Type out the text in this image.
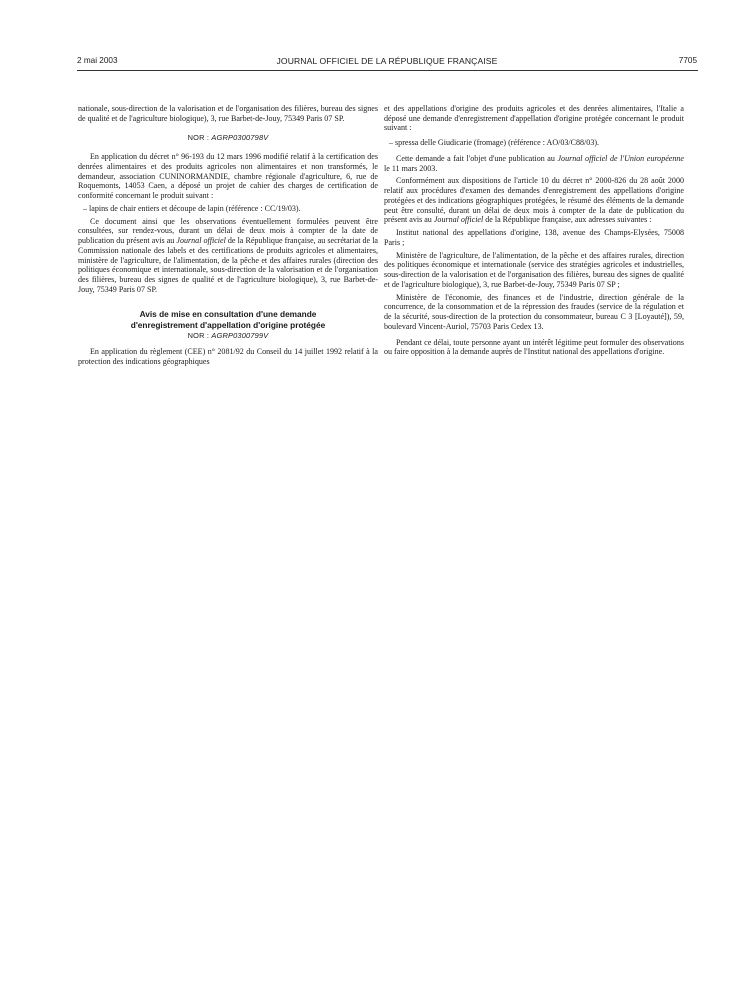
2 mai 2003	JOURNAL OFFICIEL DE LA RÉPUBLIQUE FRANÇAISE	7705

nationale, sous-direction de la valorisation et de l'organisation des filières, bureau des signes de qualité et de l'agriculture biologique), 3, rue Barbet-de-Jouy, 75349 Paris 07 SP.

NOR : AGRP0300798V

En application du décret n° 96-193 du 12 mars 1996 modifié relatif à la certification des denrées alimentaires et des produits agricoles non alimentaires et non transformés, le demandeur, association CUNINORMANDIE, chambre régionale d'agriculture, 6, rue de Roquemonts, 14053 Caen, a déposé un projet de cahier des charges de certification de conformité concernant le produit suivant :

– lapins de chair entiers et découpe de lapin (référence : CC/19/03).

Ce document ainsi que les observations éventuellement formulées peuvent être consultées, sur rendez-vous, durant un délai de deux mois à compter de la date de publication du présent avis au Journal officiel de la République française, au secrétariat de la Commission nationale des labels et des certifications de produits agricoles et alimentaires, ministère de l'agriculture, de l'alimentation, de la pêche et des affaires rurales (direction des politiques économique et internationale, sous-direction de la valorisation et de l'organisation des filières, bureau des signes de qualité et de l'agriculture biologique), 3, rue Barbet-de-Jouy, 75349 Paris 07 SP.

Avis de mise en consultation d'une demande
d'enregistrement d'appellation d'origine protégée
NOR : AGRP0300799V

En application du règlement (CEE) n° 2081/92 du Conseil du 14 juillet 1992 relatif à la protection des indications géographiques

et des appellations d'origine des produits agricoles et des denrées alimentaires, l'Italie a déposé une demande d'enregistrement d'appellation d'origine protégée concernant le produit suivant :

– spressa delle Giudicarie (fromage) (référence : AO/03/C88/03).

Cette demande a fait l'objet d'une publication au Journal officiel de l'Union européenne le 11 mars 2003.

Conformément aux dispositions de l'article 10 du décret n° 2000-826 du 28 août 2000 relatif aux procédures d'examen des demandes d'enregistrement des appellations d'origine protégées et des indications géographiques protégées, le résumé des éléments de la demande peut être consulté, durant un délai de deux mois à compter de la date de publication du présent avis au Journal officiel de la République française, aux adresses suivantes :

Institut national des appellations d'origine, 138, avenue des Champs-Elysées, 75008 Paris ;

Ministère de l'agriculture, de l'alimentation, de la pêche et des affaires rurales, direction des politiques économique et internationale (service des stratégies agricoles et industrielles, sous-direction de la valorisation et de l'organisation des filières, bureau des signes de qualité et de l'agriculture biologique), 3, rue Barbet-de-Jouy, 75349 Paris 07 SP ;

Ministère de l'économie, des finances et de l'industrie, direction générale de la concurrence, de la consommation et de la répression des fraudes (service de la régulation et de la sécurité, sous-direction de la protection du consommateur, bureau C 3 [Loyauté]), 59, boulevard Vincent-Auriol, 75703 Paris Cedex 13.

Pendant ce délai, toute personne ayant un intérêt légitime peut formuler des observations ou faire opposition à la demande auprès de l'Institut national des appellations d'origine.
